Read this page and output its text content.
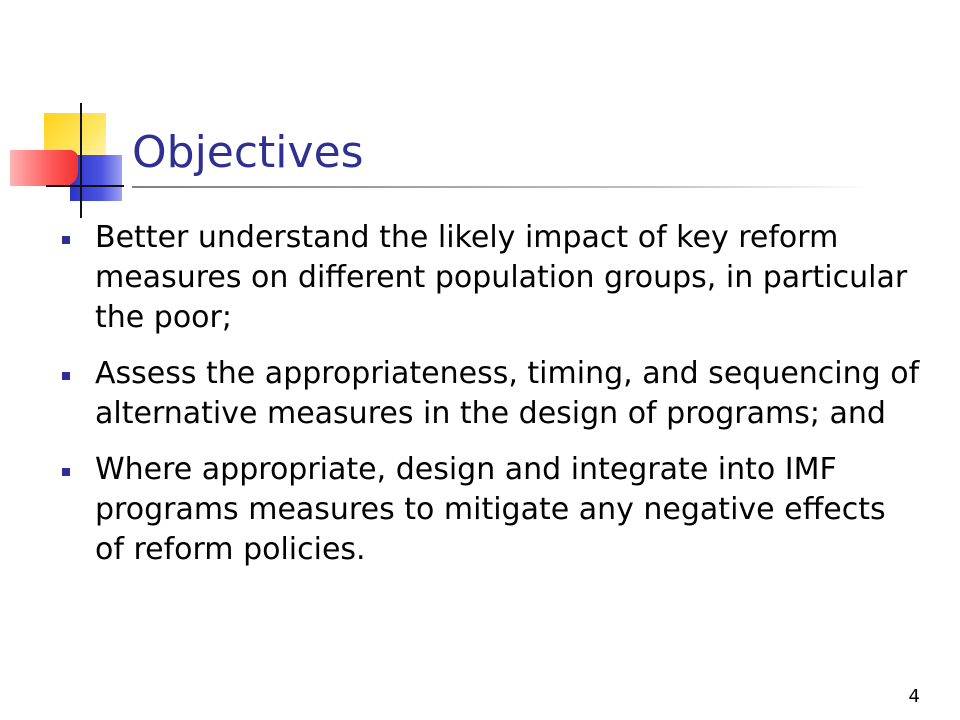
Objectives
Better understand the likely impact of key reform measures on different population groups, in particular the poor;
Assess the appropriateness, timing, and sequencing of alternative measures in the design of programs; and
Where appropriate, design and integrate into IMF programs measures to mitigate any negative effects of reform policies.
4
